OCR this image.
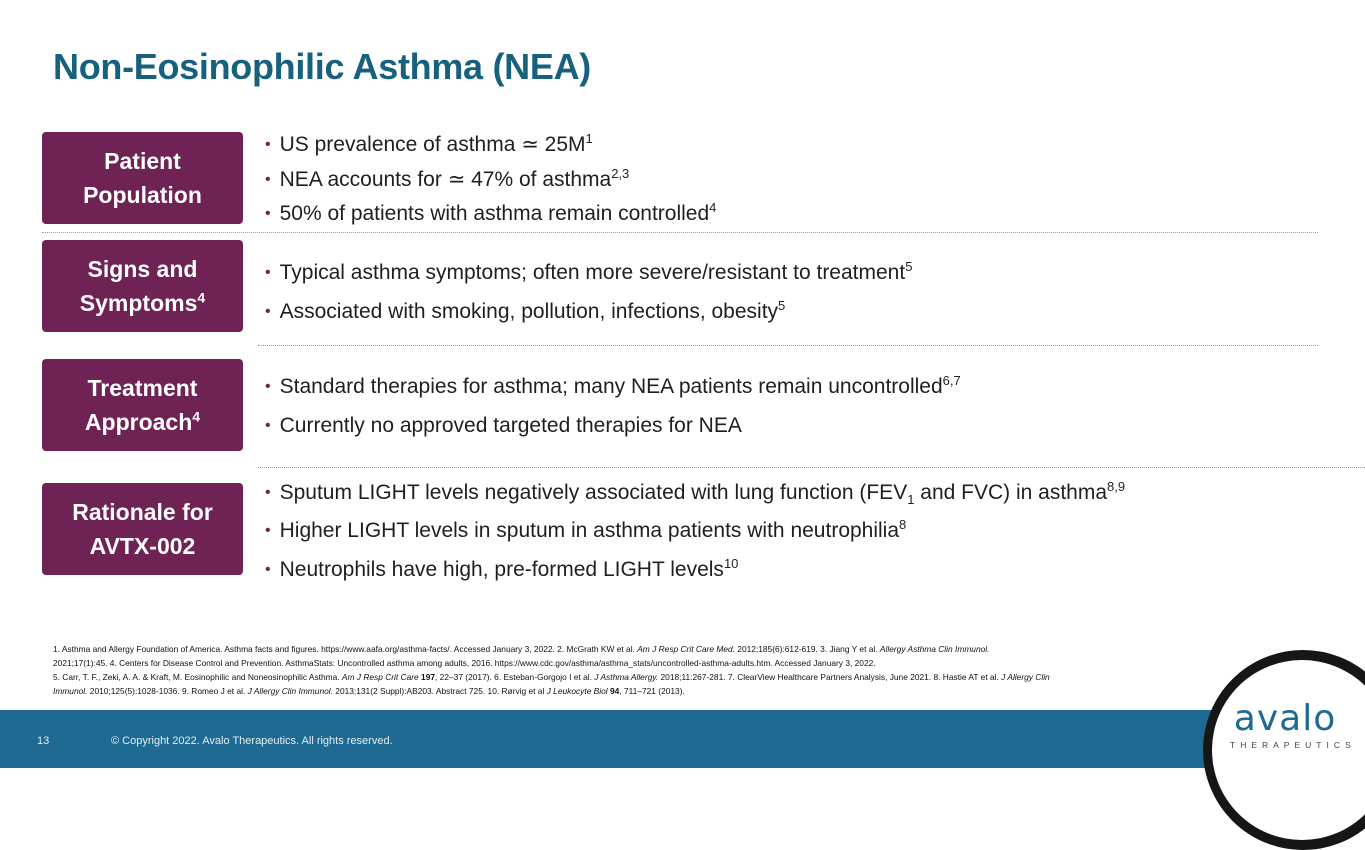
Non-Eosinophilic Asthma (NEA)
Patient
Population
• US prevalence of asthma ≃ $25M^1$
• NEA accounts for ≃ 47% of asthma$^{2,3}$
• 50% of patients with asthma remain controlled$^4$
Signs and
Symptoms$^4$
• Typical asthma symptoms; often more severe/resistant to treatment$^5$
• Associated with smoking, pollution, infections, obesity$^5$
Treatment
Approach$^4$
• Standard therapies for asthma; many NEA patients remain uncontrolled$^{6,7}$
• Currently no approved targeted therapies for NEA
Rationale for
AVTX-002
• Sputum LIGHT levels negatively associated with lung function ($FEV_1$ and FVC) in asthma$^{8,9}$
• Higher LIGHT levels in sputum in asthma patients with neutrophilia$^8$
• Neutrophils have high, pre-formed LIGHT levels$^{10}$
1. Asthma and Allergy Foundation of America. Asthma facts and figures. https://www.aafa.org/asthma-facts/. Accessed January 3, 2022. 2. McGrath KW et al. Am J Resp Crit Care Med. 2012;185(6):612-619. 3. Jiang Y et al. Allergy Asthma Clin Immunol.
2021;17(1):45. 4. Centers for Disease Control and Prevention. AsthmaStats: Uncontrolled asthma among adults, 2016. https://www.cdc.gov/asthma/asthma_stats/uncontrolled-asthma-adults.htm. Accessed January 3, 2022.
5. Carr, T. F., Zeki, A. A. & Kraft, M. Eosinophilic and Noneosinophilic Asthma. Am J Resp Crit Care 197, 22–37 (2017). 6. Esteban-Gorgojo I et al. J Asthma Allergy. 2018;11:267-281. 7. ClearView Healthcare Partners Analysis, June 2021. 8. Hastie AT et al. J Allergy Clin
Immunol. 2010;125(5):1028-1036. 9. Romeo J et al. J Allergy Clin Immunol. 2013;131(2 Suppl):AB203. Abstract 725. 10. Rørvig et al J Leukocyte Biol 94, 711–721 (2013).
13	© Copyright 2022. Avalo Therapeutics. All rights reserved.
avalo
THERAPEUTICS
